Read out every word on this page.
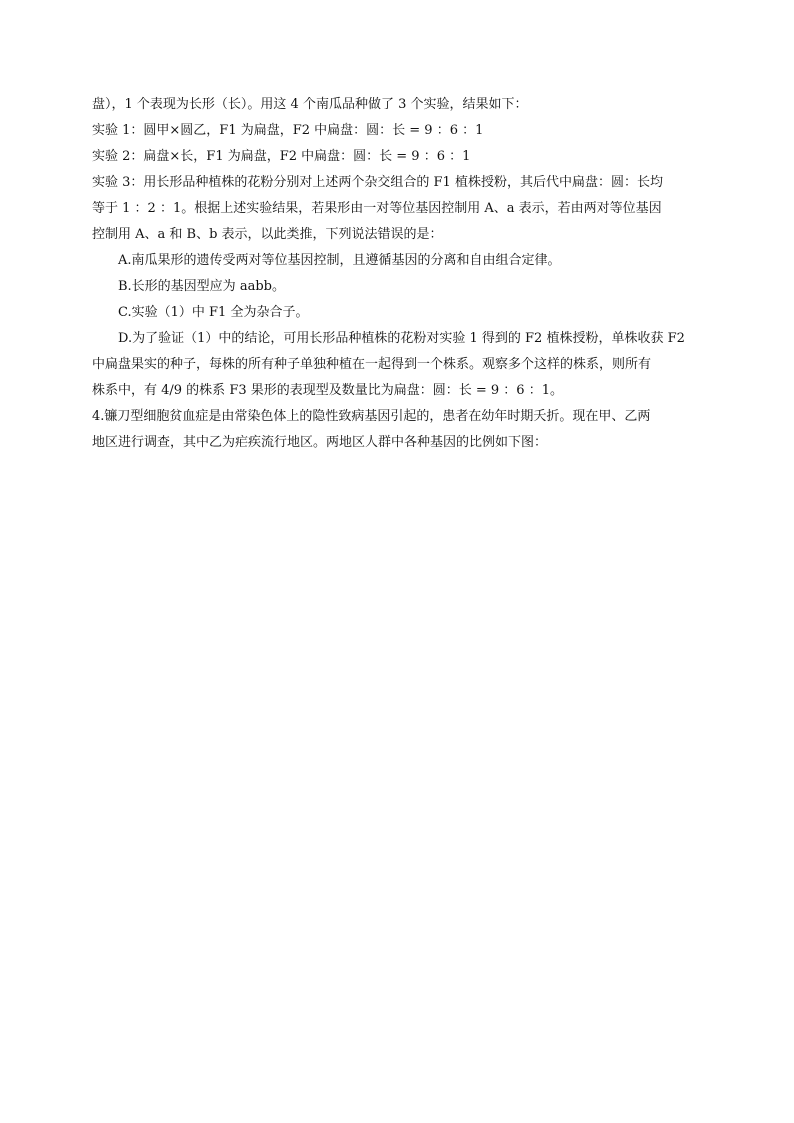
盘），1 个表现为长形（长）。用这 4 个南瓜品种做了 3 个实验，结果如下：
实验 1：圆甲×圆乙，F1 为扁盘，F2 中扁盘：圆：长 = 9 ：6 ：1
实验 2：扁盘×长，F1 为扁盘，F2 中扁盘：圆：长 = 9 ：6 ：1
实验 3：用长形品种植株的花粉分别对上述两个杂交组合的 F1 植株授粉，其后代中扁盘：圆：长均
等于 1 ：2 ：1。根据上述实验结果，若果形由一对等位基因控制用 A、a 表示，若由两对等位基因
控制用 A、a 和 B、b 表示，以此类推，下列说法错误的是：
A.南瓜果形的遗传受两对等位基因控制，且遵循基因的分离和自由组合定律。
B.长形的基因型应为 aabb。
C.实验（1）中 F1 全为杂合子。
D.为了验证（1）中的结论，可用长形品种植株的花粉对实验 1 得到的 F2 植株授粉，单株收获 F2
中扁盘果实的种子，每株的所有种子单独种植在一起得到一个株系。观察多个这样的株系，则所有
株系中，有 4/9 的株系 F3 果形的表现型及数量比为扁盘：圆：长 = 9 ：6 ：1。
4.镰刀型细胞贫血症是由常染色体上的隐性致病基因引起的，患者在幼年时期夭折。现在甲、乙两
地区进行调查，其中乙为疟疾流行地区。两地区人群中各种基因的比例如下图：
